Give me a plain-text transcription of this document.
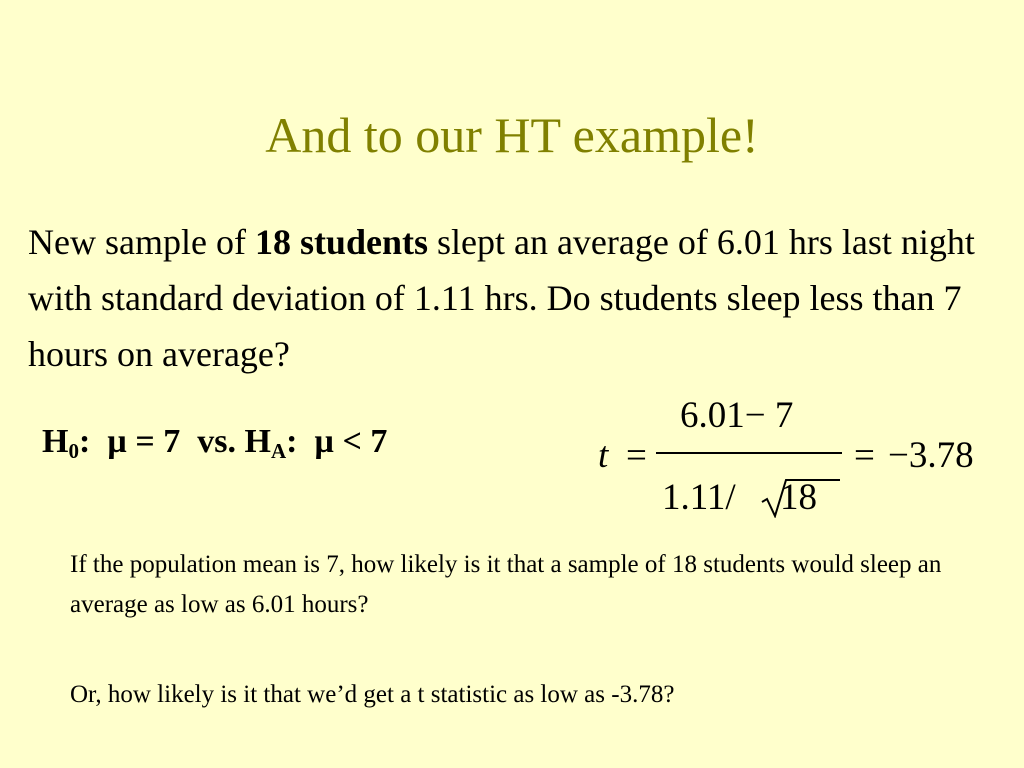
And to our HT example!
New sample of 18 students slept an average of 6.01 hrs last night with standard deviation of 1.11 hrs. Do students sleep less than 7 hours on average?
$H_0$:  µ = 7  vs. $H_A$:  µ < 7	t =
6.01− 7
1.11/ 18
= −3.78
If the population mean is 7, how likely is it that a sample of 18 students would sleep an average as low as 6.01 hours?
Or, how likely is it that we’d get a t statistic as low as -3.78?
